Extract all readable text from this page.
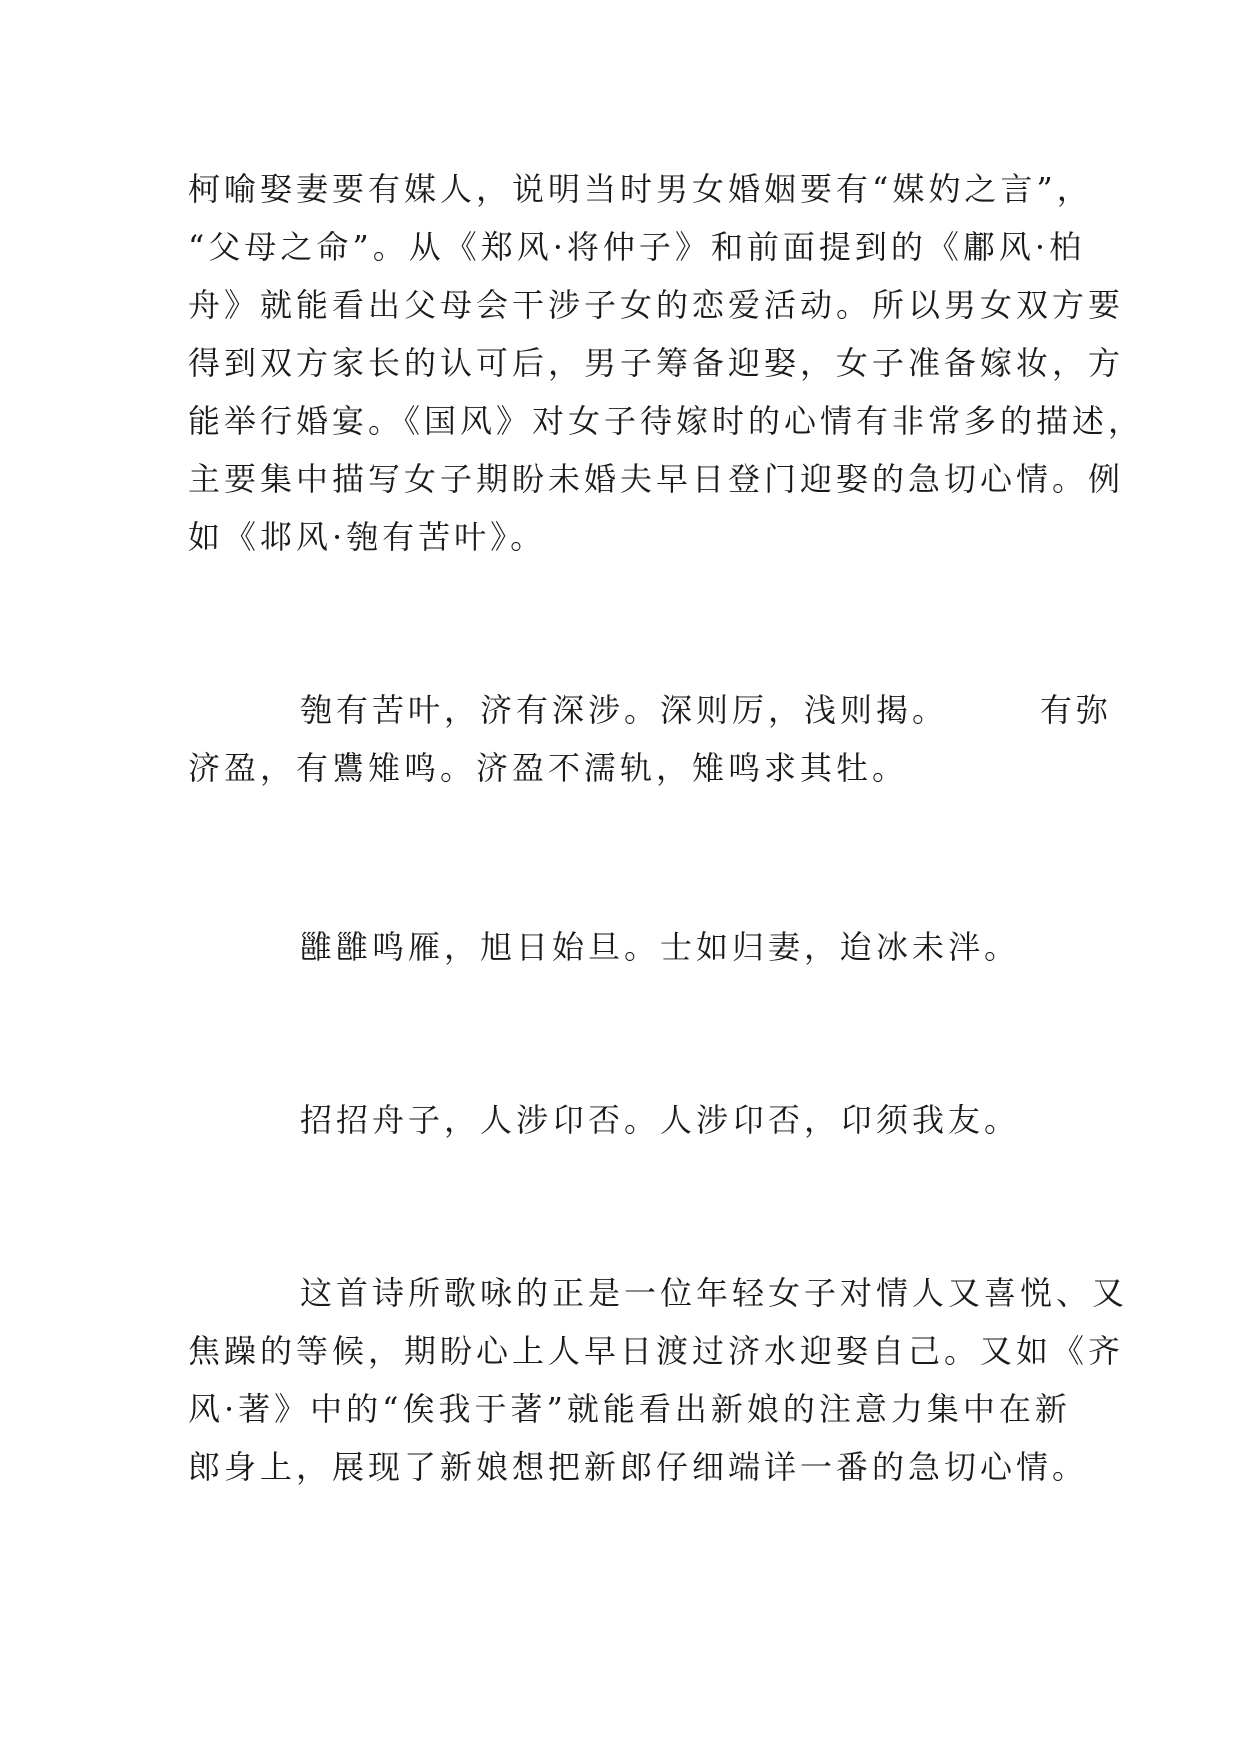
柯喻娶妻要有媒人，说明当时男女婚姻要有“媒妁之言”，
“父母之命”。从《郑风·将仲子》和前面提到的《鄘风·柏
舟》就能看出父母会干涉子女的恋爱活动。所以男女双方要
得到双方家长的认可后，男子筹备迎娶，女子准备嫁妆，方
能举行婚宴。《国风》对女子待嫁时的心情有非常多的描述，
主要集中描写女子期盼未婚夫早日登门迎娶的急切心情。例
如《邶风·匏有苦叶》。
匏有苦叶，济有深涉。深则厉，浅则揭。　　　有弥
济盈，有鷕雉鸣。济盈不濡轨，雉鸣求其牡。
雝雝鸣雁，旭日始旦。士如归妻，迨冰未泮。
招招舟子，人涉卬否。人涉卬否，卬须我友。
这首诗所歌咏的正是一位年轻女子对情人又喜悦、又
焦躁的等候，期盼心上人早日渡过济水迎娶自己。又如《齐
风·著》中的“俟我于著”就能看出新娘的注意力集中在新
郎身上，展现了新娘想把新郎仔细端详一番的急切心情。
